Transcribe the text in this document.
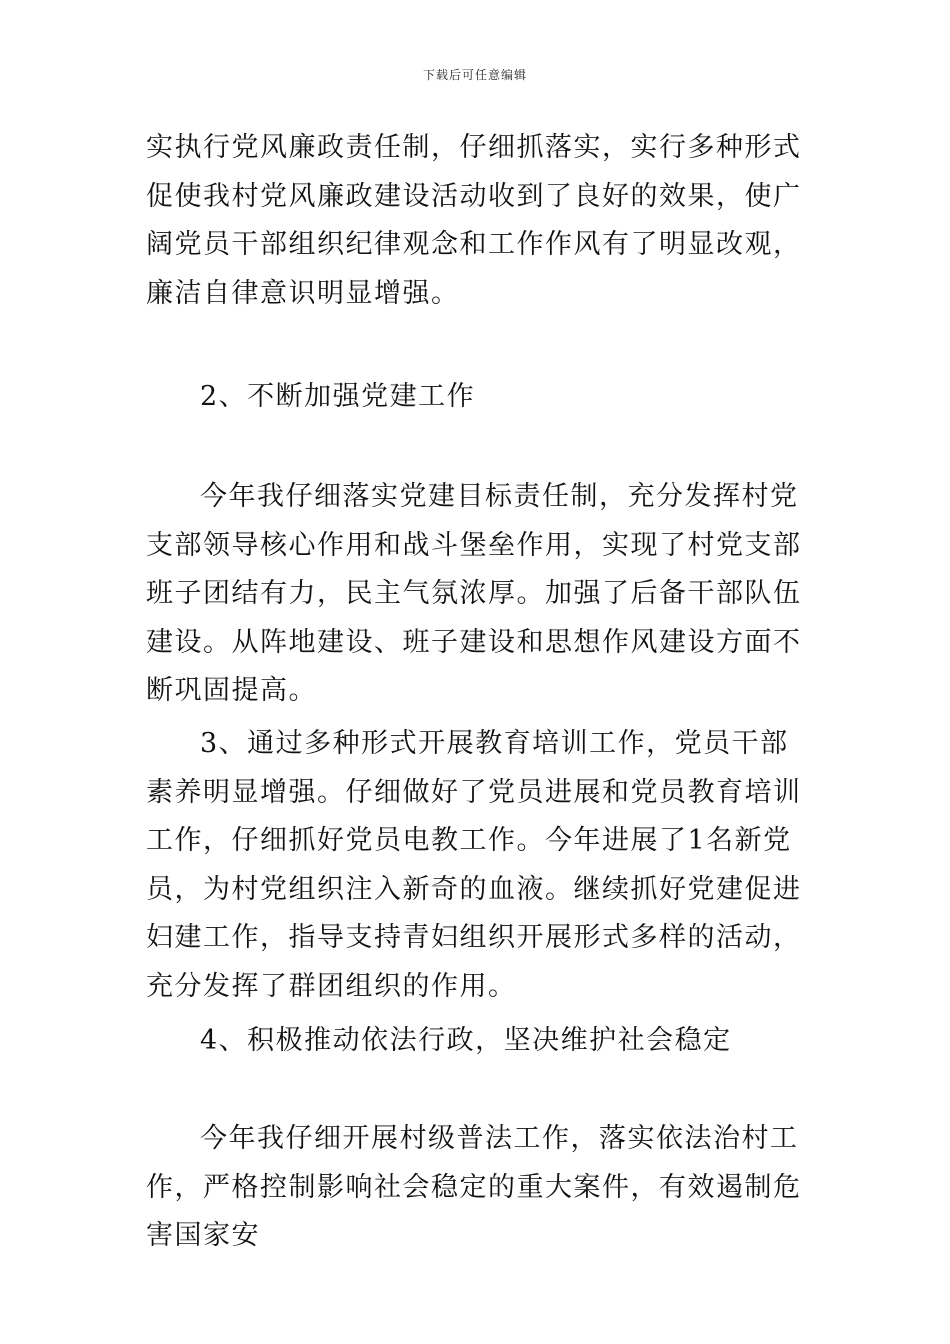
下载后可任意编辑

实执行党风廉政责任制，仔细抓落实，实行多种形式促使我村党风廉政建设活动收到了良好的效果，使广阔党员干部组织纪律观念和工作作风有了明显改观，廉洁自律意识明显增强。

2、不断加强党建工作

今年我仔细落实党建目标责任制，充分发挥村党支部领导核心作用和战斗堡垒作用，实现了村党支部班子团结有力，民主气氛浓厚。加强了后备干部队伍建设。从阵地建设、班子建设和思想作风建设方面不断巩固提高。

3、通过多种形式开展教育培训工作，党员干部素养明显增强。仔细做好了党员进展和党员教育培训工作，仔细抓好党员电教工作。今年进展了1名新党员，为村党组织注入新奇的血液。继续抓好党建促进妇建工作，指导支持青妇组织开展形式多样的活动，充分发挥了群团组织的作用。

4、积极推动依法行政，坚决维护社会稳定

今年我仔细开展村级普法工作，落实依法治村工作，严格控制影响社会稳定的重大案件，有效遏制危害国家安
